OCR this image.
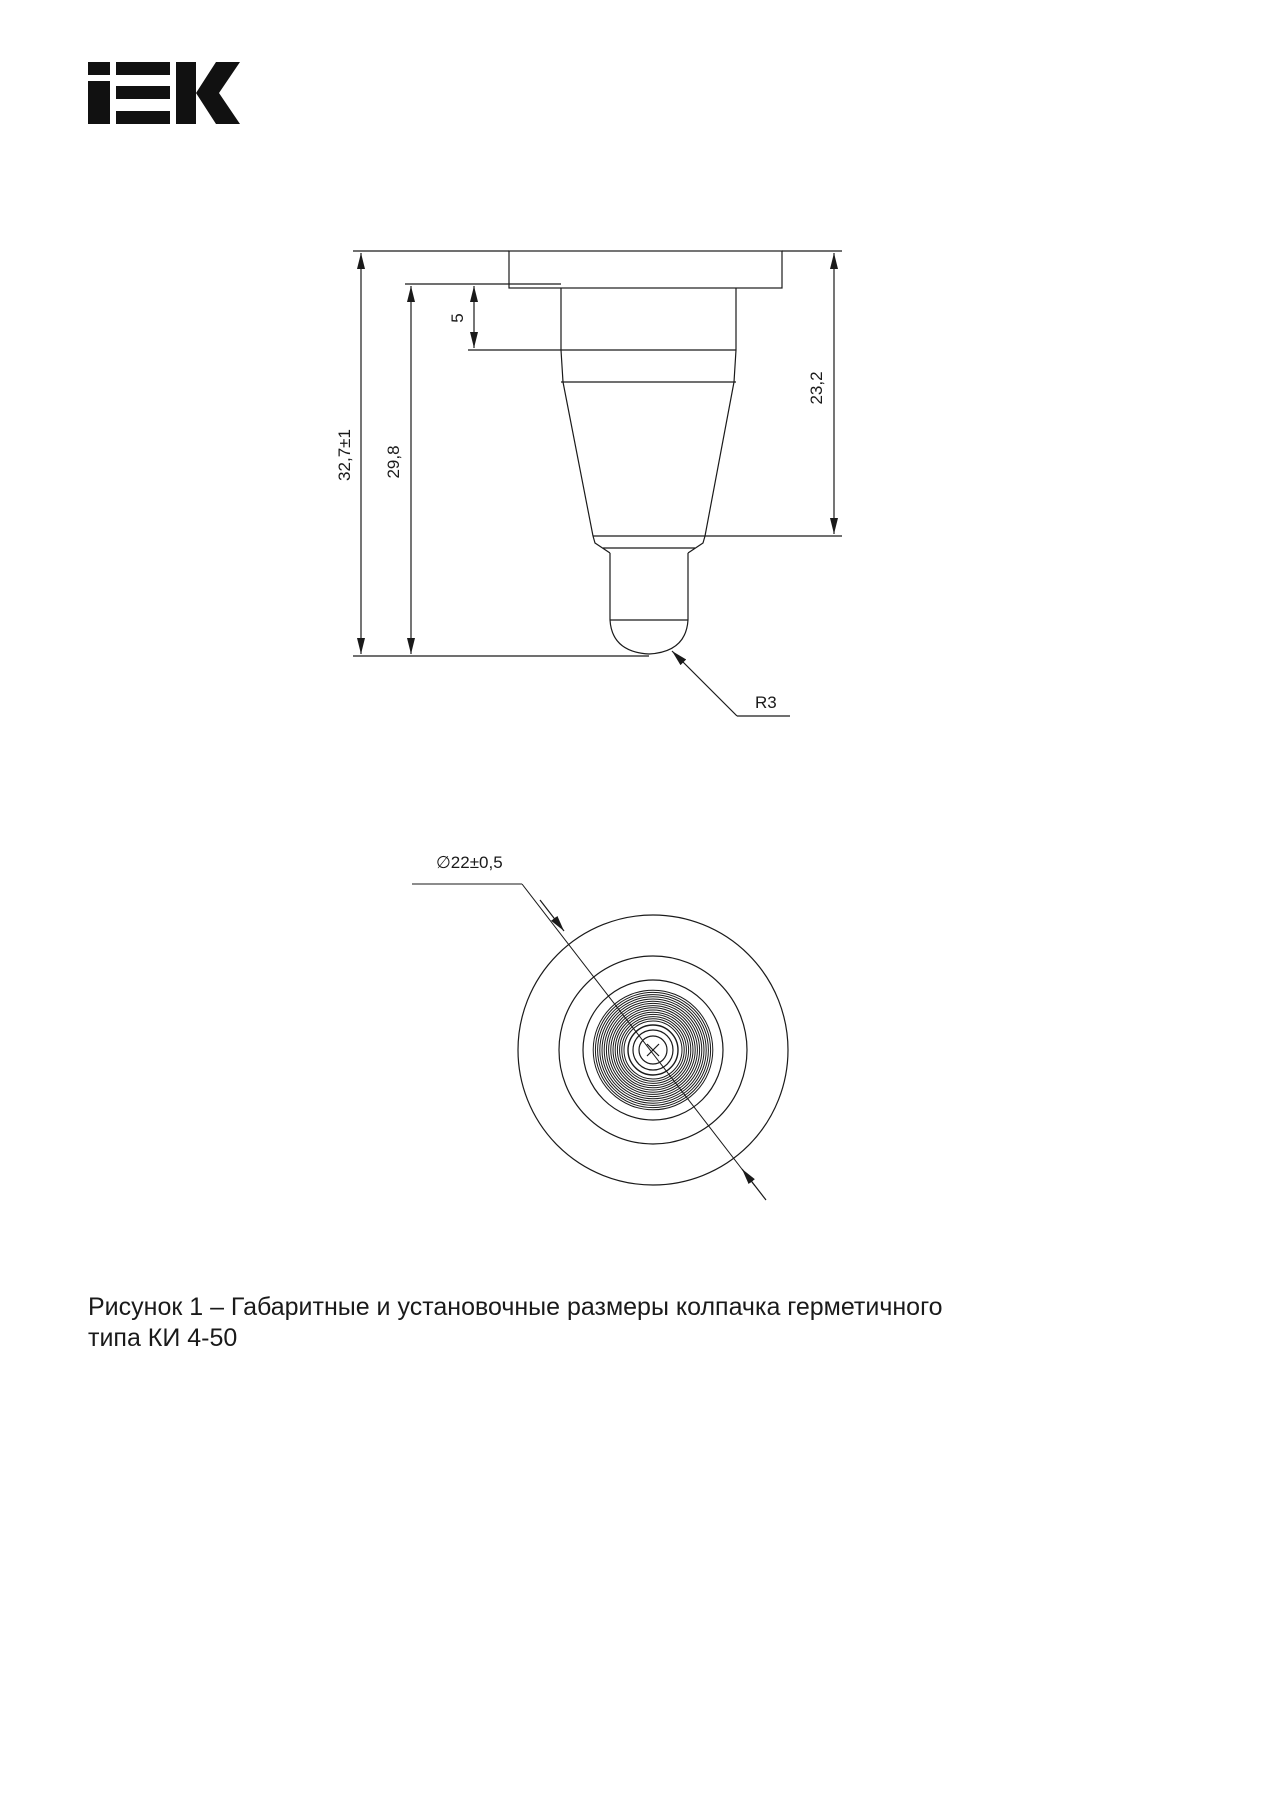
32,7±1 29,8
5
23,2
R3
∅22±0,5

Рисунок 1 – Габаритные и установочные размеры колпачка герметичного
типа КИ 4-50
